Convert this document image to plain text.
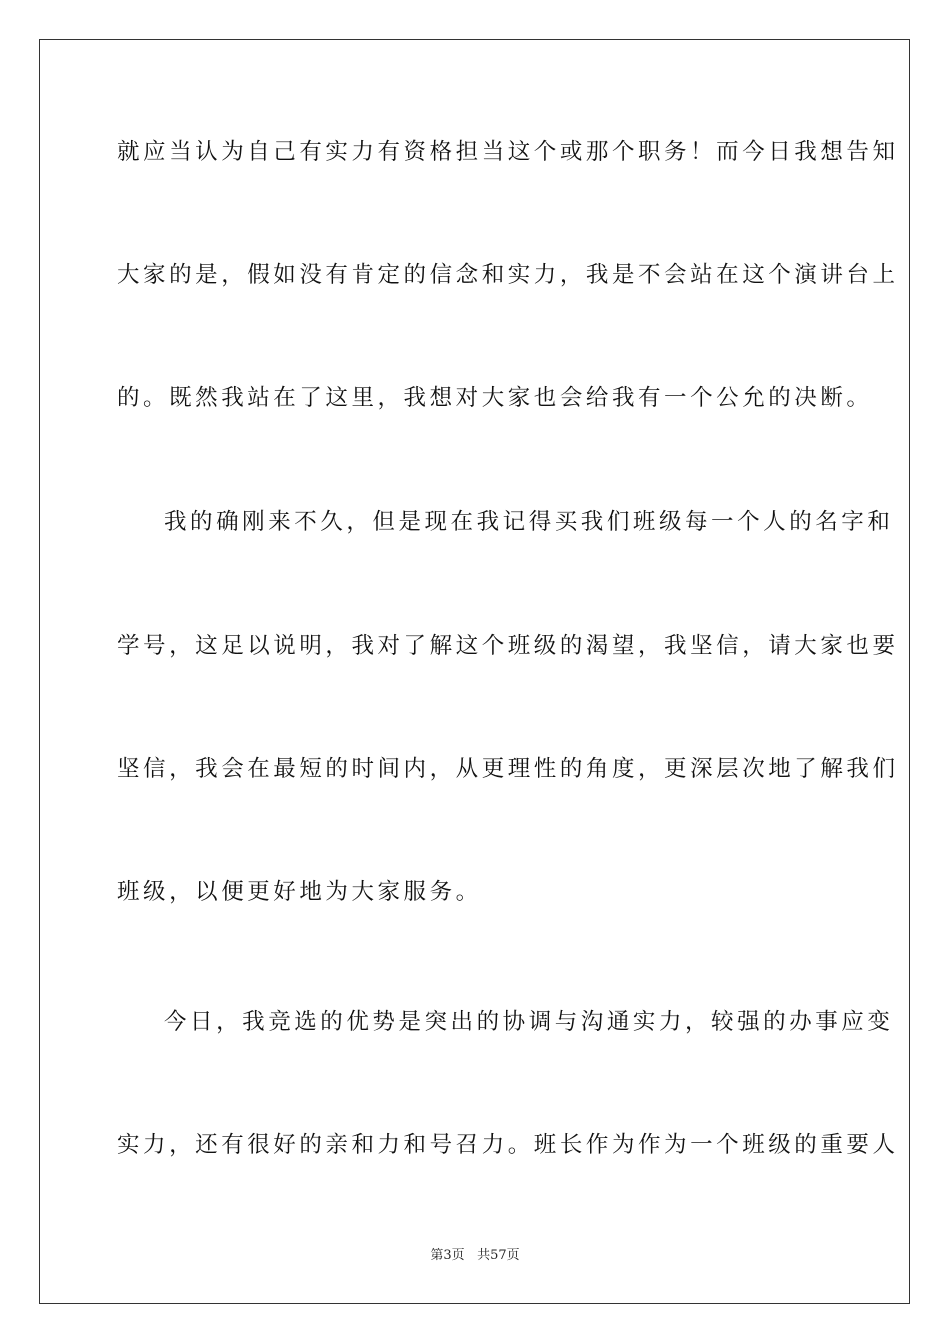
就应当认为自己有实力有资格担当这个或那个职务！而今日我想告知
大家的是，假如没有肯定的信念和实力，我是不会站在这个演讲台上
的。既然我站在了这里，我想对大家也会给我有一个公允的决断。
我的确刚来不久，但是现在我记得买我们班级每一个人的名字和
学号，这足以说明，我对了解这个班级的渴望，我坚信，请大家也要
坚信，我会在最短的时间内，从更理性的角度，更深层次地了解我们
班级，以便更好地为大家服务。
今日，我竞选的优势是突出的协调与沟通实力，较强的办事应变
实力，还有很好的亲和力和号召力。班长作为作为一个班级的重要人
第3页 共57页
